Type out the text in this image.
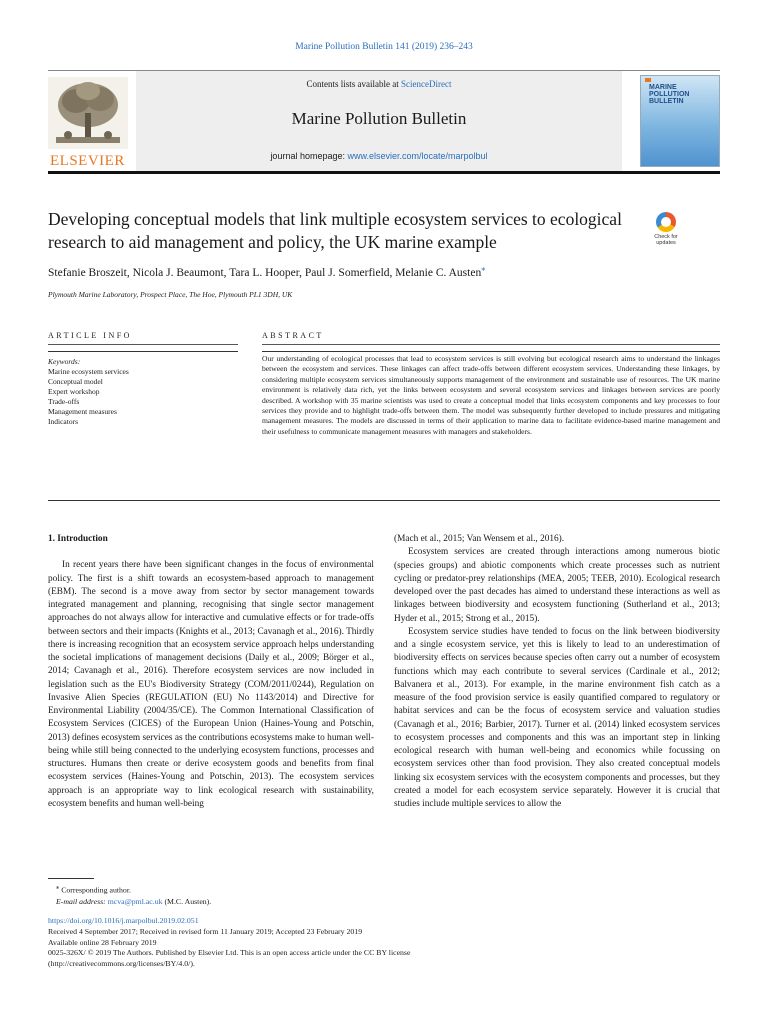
Marine Pollution Bulletin 141 (2019) 236–243
ELSEVIER
Contents lists available at ScienceDirect
Marine Pollution Bulletin
journal homepage: www.elsevier.com/locate/marpolbul
MARINE POLLUTION BULLETIN
Developing conceptual models that link multiple ecosystem services to ecological research to aid management and policy, the UK marine example	Check for updates
Stefanie Broszeit, Nicola J. Beaumont, Tara L. Hooper, Paul J. Somerfield, Melanie C. Austen⁎
Plymouth Marine Laboratory, Prospect Place, The Hoe, Plymouth PL1 3DH, UK
ARTICLE INFO	ABSTRACT
Keywords:
Marine ecosystem services
Conceptual model
Expert workshop
Trade-offs
Management measures
Indicators
Our understanding of ecological processes that lead to ecosystem services is still evolving but ecological research aims to understand the linkages between the ecosystem and services. These linkages can affect trade-offs between different ecosystem services. Understanding these linkages, by considering multiple ecosystem services simultaneously supports management of the environment and sustainable use of resources. The UK marine environment is relatively data rich, yet the links between ecosystem and several ecosystem services and linkages between services are poorly described. A workshop with 35 marine scientists was used to create a conceptual model that links ecosystem components and key processes to four services they provide and to highlight trade-offs between them. The model was subsequently further developed to include pressures and mitigating management measures. The models are discussed in terms of their application to marine data to facilitate evidence-based marine management and their usefulness to communicate management measures with managers and stakeholders.
1. Introduction
In recent years there have been significant changes in the focus of environmental policy. The first is a shift towards an ecosystem-based approach to management (EBM). The second is a move away from sector by sector management towards integrated management and planning, recognising that single sector management approaches do not always allow for interactive and cumulative effects or for trade-offs between sectors and their impacts (Knights et al., 2013; Cavanagh et al., 2016). Thirdly there is increasing recognition that an ecosystem service approach helps understanding the societal implications of management decisions (Daily et al., 2009; Börger et al., 2014; Cavanagh et al., 2016). Therefore ecosystem services are now included in legislation such as the EU's Biodiversity Strategy (COM/2011/0244), Regulation on Invasive Alien Species (REGULATION (EU) No 1143/2014) and Directive for Environmental Liability (2004/35/CE). The Common International Classification of Ecosystem Services (CICES) of the European Union (Haines-Young and Potschin, 2013) defines ecosystem services as the contributions ecosystems make to human well-being while still being connected to the underlying ecosystem functions, processes and structures. Humans then create or derive ecosystem goods and benefits from final ecosystem services (Haines-Young and Potschin, 2013). The ecosystem services approach is an appropriate way to link ecological research with sustainability, ecosystem benefits and human well-being
(Mach et al., 2015; Van Wensem et al., 2016).
Ecosystem services are created through interactions among numerous biotic (species groups) and abiotic components which create processes such as nutrient cycling or predator-prey relationships (MEA, 2005; TEEB, 2010). Ecological research developed over the past decades has aimed to understand these interactions as well as linkages between biodiversity and ecosystem functioning (Sutherland et al., 2013; Hyder et al., 2015; Strong et al., 2015).
Ecosystem service studies have tended to focus on the link between biodiversity and a single ecosystem service, yet this is likely to lead to an underestimation of biodiversity effects on services because species often carry out a number of ecosystem functions which may each contribute to several services (Cardinale et al., 2012; Balvanera et al., 2013). For example, in the marine environment fish catch as a measure of the food provision service is easily quantified compared to regulatory or habitat services and can be the focus of ecosystem service and valuation studies (Cavanagh et al., 2016; Barbier, 2017). Turner et al. (2014) linked ecosystem services to ecosystem processes and components and this was an important step in linking ecological research with human well-being and economics while focussing on ecosystem services other than food provision. They also created conceptual models linking six ecosystem services with the ecosystem components and processes, but they created a model for each ecosystem service separately. However it is crucial that studies include multiple services to allow the
⁎ Corresponding author.
E-mail address: mcva@pml.ac.uk (M.C. Austen).
https://doi.org/10.1016/j.marpolbul.2019.02.051
Received 4 September 2017; Received in revised form 11 January 2019; Accepted 23 February 2019
Available online 28 February 2019
0025-326X/ © 2019 The Authors. Published by Elsevier Ltd. This is an open access article under the CC BY license
(http://creativecommons.org/licenses/BY/4.0/).
